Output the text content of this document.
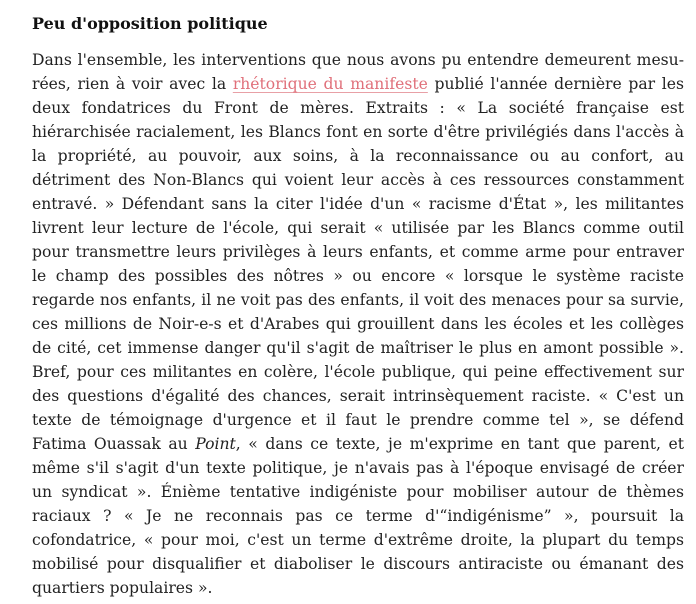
Peu d'opposition politique

Dans l'ensemble, les interventions que nous avons pu entendre demeurent mesurées, rien à voir avec la rhétorique du manifeste publié l'année dernière par les deux fondatrices du Front de mères. Extraits : « La société française est hiérarchisée racialement, les Blancs font en sorte d'être privilégiés dans l'accès à la propriété, au pouvoir, aux soins, à la reconnaissance ou au confort, au détriment des Non-Blancs qui voient leur accès à ces ressources constamment entravé. » Défendant sans la citer l'idée d'un « racisme d'État », les militantes livrent leur lecture de l'école, qui serait « utilisée par les Blancs comme outil pour transmettre leurs privilèges à leurs enfants, et comme arme pour entraver le champ des possibles des nôtres » ou encore « lorsque le système raciste regarde nos enfants, il ne voit pas des enfants, il voit des menaces pour sa survie, ces millions de Noir-e-s et d'Arabes qui grouillent dans les écoles et les collèges de cité, cet immense danger qu'il s'agit de maîtriser le plus en amont possible ». Bref, pour ces militantes en colère, l'école publique, qui peine effectivement sur des questions d'égalité des chances, serait intrinsèquement raciste. « C'est un texte de témoignage d'urgence et il faut le prendre comme tel », se défend Fatima Ouassak au Point, « dans ce texte, je m'exprime en tant que parent, et même s'il s'agit d'un texte politique, je n'avais pas à l'époque envisagé de créer un syndicat ». Énième tentative indigéniste pour mobiliser autour de thèmes raciaux ? « Je ne reconnais pas ce terme d'“indigénisme” », poursuit la cofondatrice, « pour moi, c'est un terme d'extrême droite, la plupart du temps mobilisé pour disqualifier et diaboliser le discours antiraciste ou émanant des quartiers populaires ».
